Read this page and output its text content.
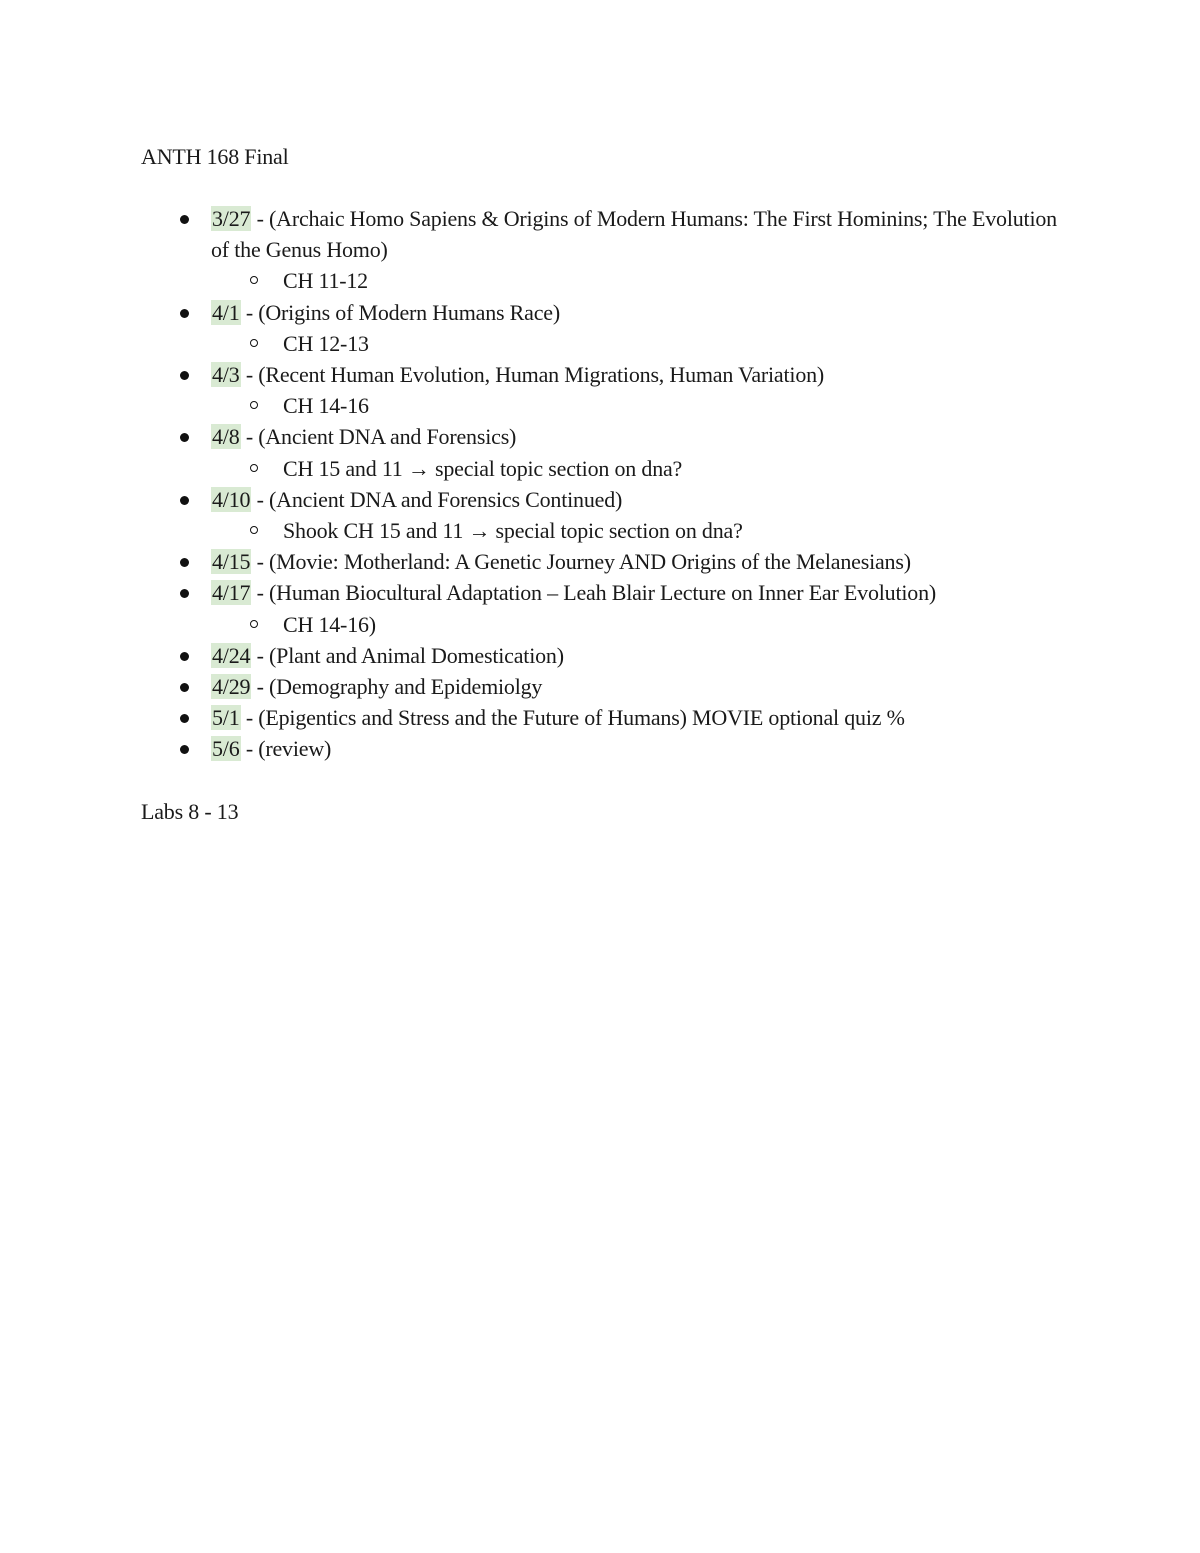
ANTH 168 Final
3/27 - (Archaic Homo Sapiens & Origins of Modern Humans: The First Hominins; The Evolution of the Genus Homo)
CH 11-12
4/1 - (Origins of Modern Humans Race)
CH 12-13
4/3 - (Recent Human Evolution, Human Migrations, Human Variation)
CH 14-16
4/8 - (Ancient DNA and Forensics)
CH 15 and 11 → special topic section on dna?
4/10 - (Ancient DNA and Forensics Continued)
Shook CH 15 and 11 → special topic section on dna?
4/15 - (Movie: Motherland: A Genetic Journey AND Origins of the Melanesians)
4/17 - (Human Biocultural Adaptation – Leah Blair Lecture on Inner Ear Evolution)
CH 14-16)
4/24 - (Plant and Animal Domestication)
4/29 - (Demography and Epidemiolgy
5/1 - (Epigentics and Stress and the Future of Humans) MOVIE optional quiz %
5/6 - (review)
Labs 8 - 13
